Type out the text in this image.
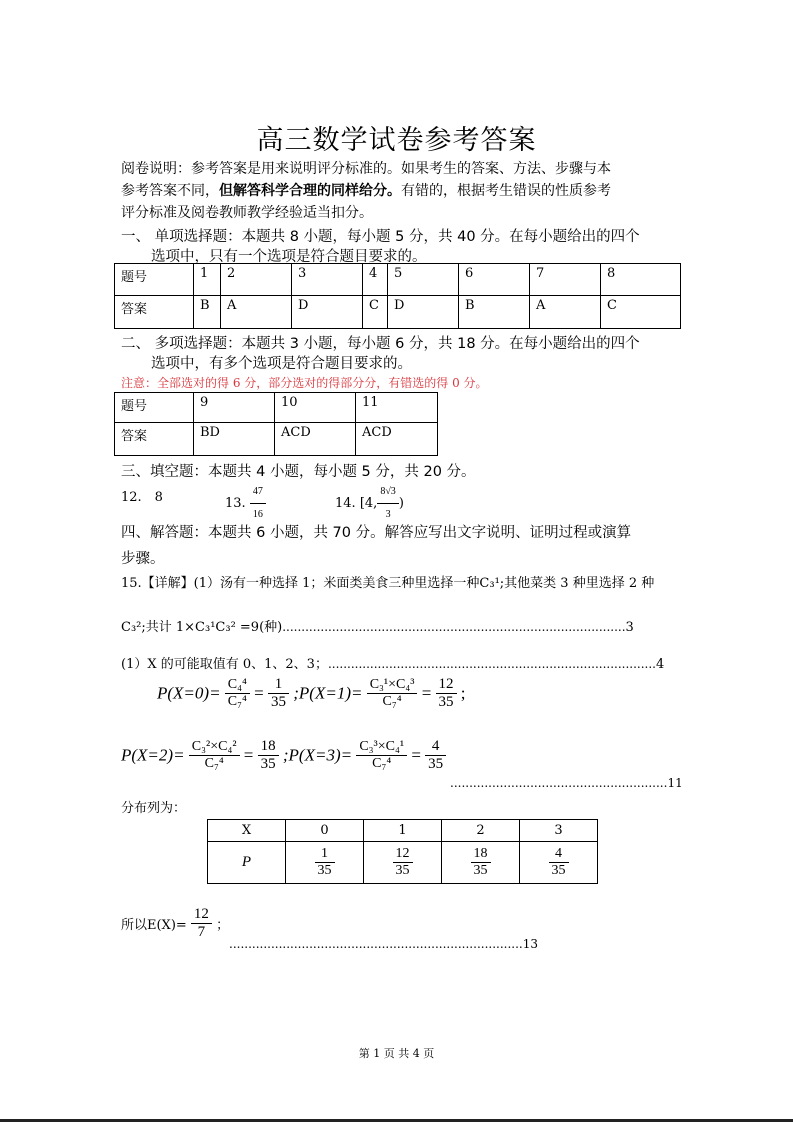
高三数学试卷参考答案
阅卷说明：参考答案是用来说明评分标准的。如果考生的答案、方法、步骤与本
参考答案不同，但解答科学合理的同样给分。有错的，根据考生错误的性质参考
评分标准及阅卷教师教学经验适当扣分。
一、 单项选择题：本题共 8 小题，每小题 5 分，共 40 分。在每小题给出的四个
选项中，只有一个选项是符合题目要求的。
题号	1	2	3	4	5	6	7	8
答案	B	A	D	C	D	B	A	C
二、 多项选择题：本题共 3 小题，每小题 6 分，共 18 分。在每小题给出的四个
选项中，有多个选项是符合题目要求的。
注意：全部选对的得 6 分，部分选对的得部分分，有错选的得 0 分。
题号	9	10	11
答案	BD	ACD	ACD
三、填空题：本题共 4 小题，每小题 5 分，共 20 分。
12.　8	13. $\frac{47}{16}$	14. [4, $\frac{8√3}{3}$ )
四、解答题：本题共 6 小题，共 70 分。解答应写出文字说明、证明过程或演算
步骤。
15.【详解】(1）汤有一种选择 1；米面类美食三种里选择一种C₃¹;其他菜类 3 种里选择 2 种
C₃²;共计 1×C₃¹C₃² =9(种)..........................................................................................3
(1）X 的可能取值有 0、1、2、3；......................................................................................4
$P(X=0)= \frac{\text{C₄⁴}}{\text{C₇⁴}} = \frac{1}{35}$ ;P(X=1)= $\frac{\text{C₃¹×C₄³}}{\text{C₇⁴}} = \frac{12}{35}$ ;
$P(X=2)= \frac{\text{C₃²×C₄²}}{\text{C₇⁴}} = \frac{18}{35}$ ;P(X=3)= $\frac{\text{C₃³×C₄¹}}{\text{C₇⁴}} = \frac{4}{35}$
.........................................................11
分布列为：
X	0	1	2	3
P	$\frac{1}{35}$	$\frac{12}{35}$	$\frac{18}{35}$	$\frac{4}{35}$
所以$E(X)= \frac{12}{7}$ ；
.............................................................................13
第 1 页 共 4 页
